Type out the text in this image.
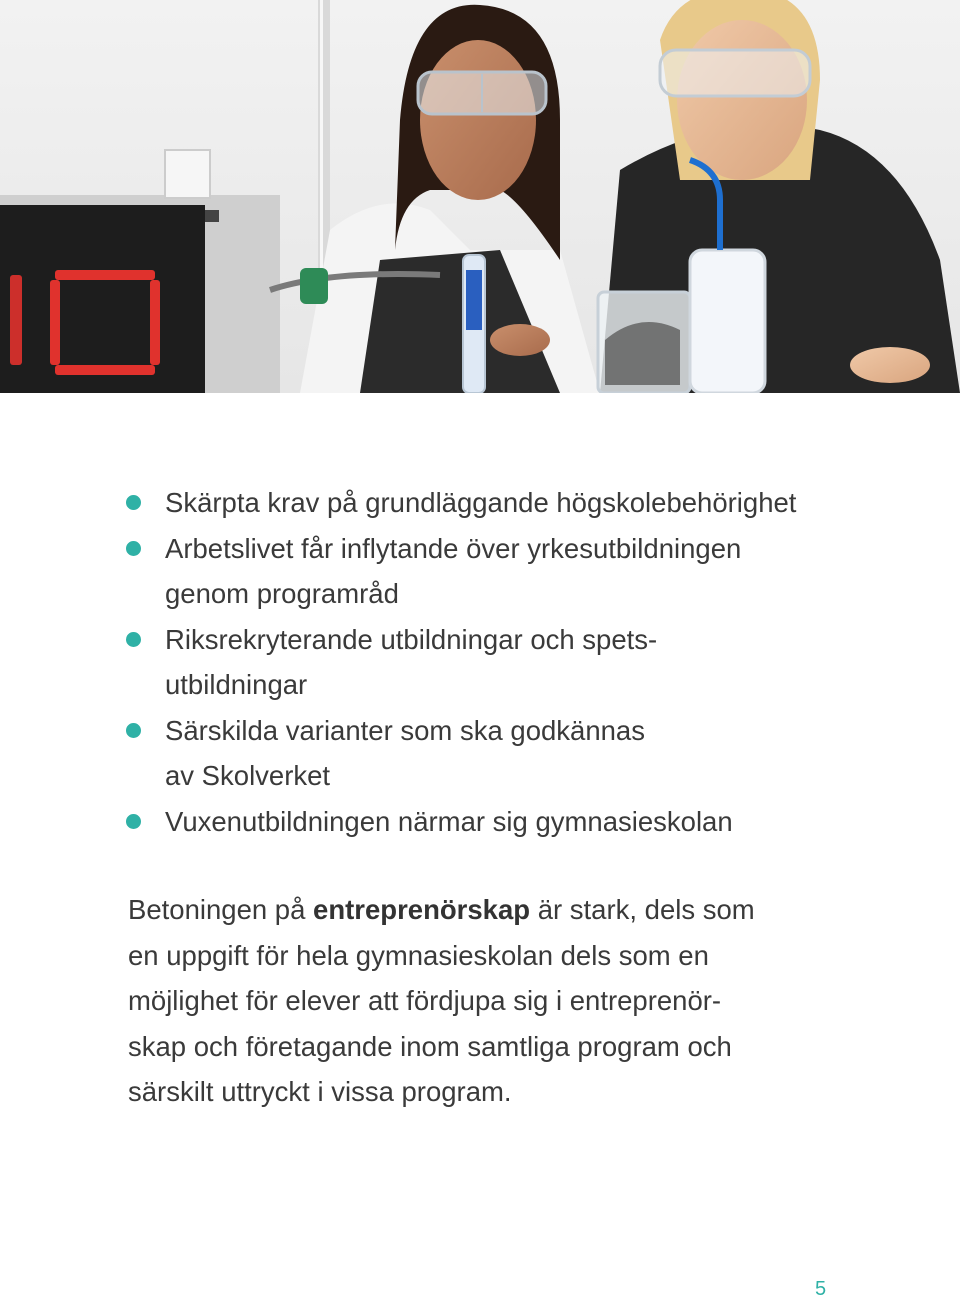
Skärpta krav på grundläggande högskolebehörighet
Arbetslivet får inflytande över yrkesutbildningen
genom programråd
Riksrekryterande utbildningar och spets-
utbildningar
Särskilda varianter som ska godkännas
av Skolverket
Vuxenutbildningen närmar sig gymnasieskolan

Betoningen på entreprenörskap är stark, dels som
en uppgift för hela gymnasieskolan dels som en
möjlighet för elever att fördjupa sig i entreprenör-
skap och företagande inom samtliga program och
särskilt uttryckt i vissa program.

5
